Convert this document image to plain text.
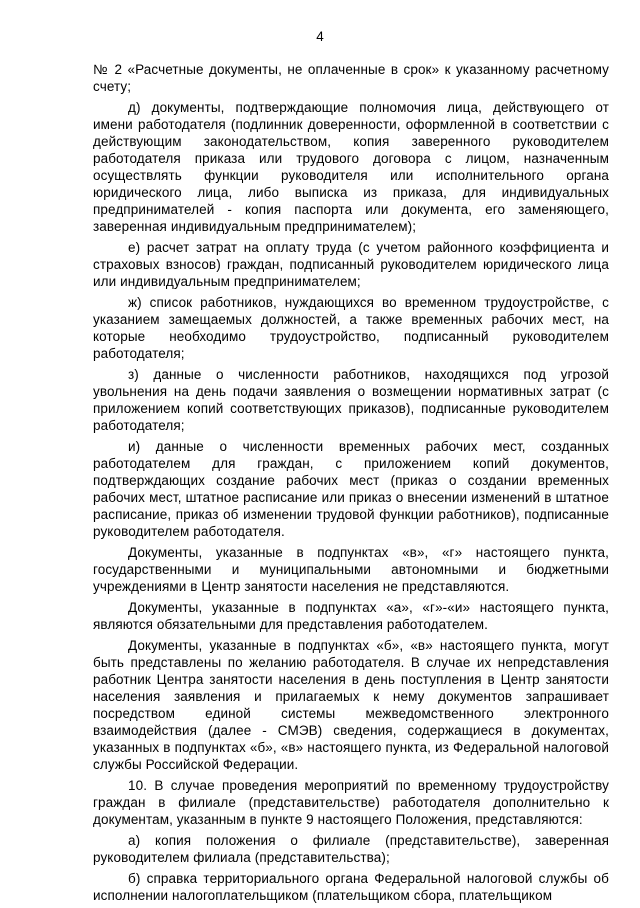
4

№ 2 «Расчетные документы, не оплаченные в срок» к указанному расчетному счету;

д) документы, подтверждающие полномочия лица, действующего от имени работодателя (подлинник доверенности, оформленной в соответствии с действующим законодательством, копия заверенного руководителем работодателя приказа или трудового договора с лицом, назначенным осуществлять функции руководителя или исполнительного органа юридического лица, либо выписка из приказа, для индивидуальных предпринимателей - копия паспорта или документа, его заменяющего, заверенная индивидуальным предпринимателем);

е) расчет затрат на оплату труда (с учетом районного коэффициента и страховых взносов) граждан, подписанный руководителем юридического лица или индивидуальным предпринимателем;

ж) список работников, нуждающихся во временном трудоустройстве, с указанием замещаемых должностей, а также временных рабочих мест, на которые необходимо трудоустройство, подписанный руководителем работодателя;

з) данные о численности работников, находящихся под угрозой увольнения на день подачи заявления о возмещении нормативных затрат (с приложением копий соответствующих приказов), подписанные руководителем работодателя;

и) данные о численности временных рабочих мест, созданных работодателем для граждан, с приложением копий документов, подтверждающих создание рабочих мест (приказ о создании временных рабочих мест, штатное расписание или приказ о внесении изменений в штатное расписание, приказ об изменении трудовой функции работников), подписанные руководителем работодателя.

Документы, указанные в подпунктах «в», «г» настоящего пункта, государственными и муниципальными автономными и бюджетными учреждениями в Центр занятости населения не представляются.

Документы, указанные в подпунктах «а», «г»-«и» настоящего пункта, являются обязательными для представления работодателем.

Документы, указанные в подпунктах «б», «в» настоящего пункта, могут быть представлены по желанию работодателя. В случае их непредставления работник Центра занятости населения в день поступления в Центр занятости населения заявления и прилагаемых к нему документов запрашивает посредством единой системы межведомственного электронного взаимодействия (далее - СМЭВ) сведения, содержащиеся в документах, указанных в подпунктах «б», «в» настоящего пункта, из Федеральной налоговой службы Российской Федерации.

10. В случае проведения мероприятий по временному трудоустройству граждан в филиале (представительстве) работодателя дополнительно к документам, указанным в пункте 9 настоящего Положения, представляются:

а) копия положения о филиале (представительстве), заверенная руководителем филиала (представительства);

б) справка территориального органа Федеральной налоговой службы об исполнении налогоплательщиком (плательщиком сбора, плательщиком
